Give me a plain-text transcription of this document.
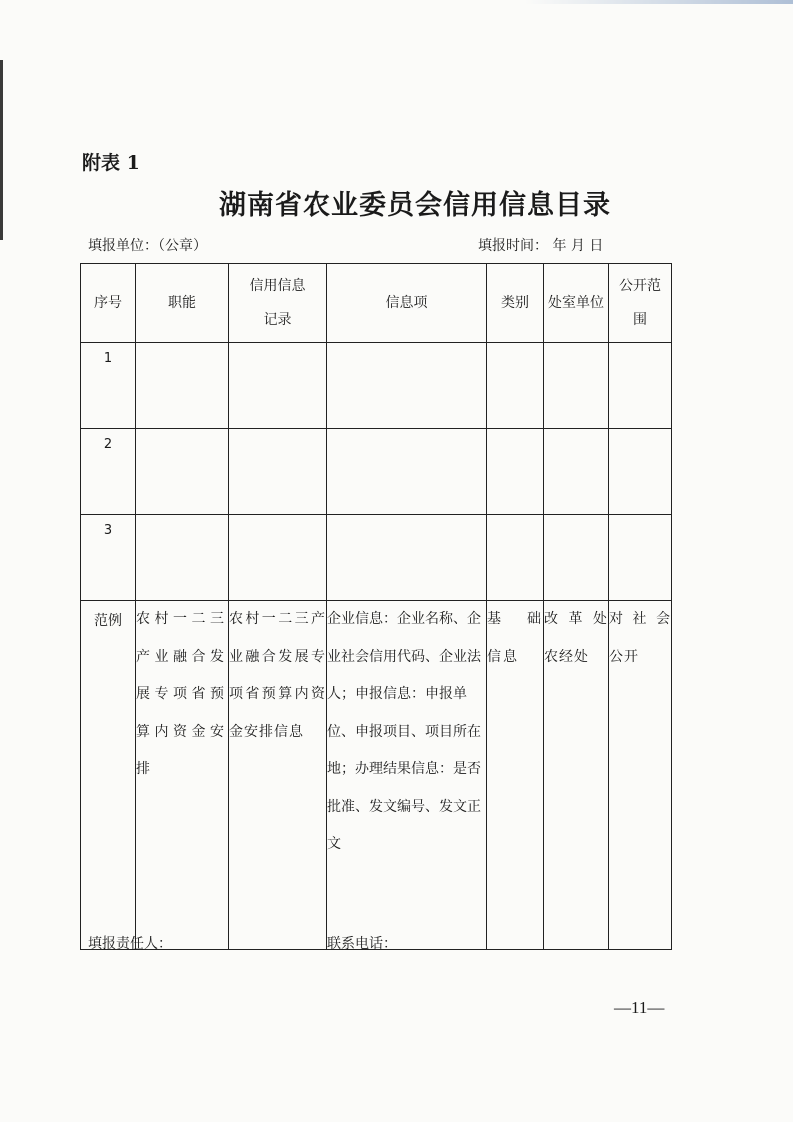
附表 1
湖南省农业委员会信用信息目录
填报单位：（公章）	填报时间： 年 月 日
序号	职能	信用信息记录	信息项	类别	处室单位	公开范围

1						
2						
3						
范例	农村一二三产业融合发展专项省预算内资金安排	农村一二三产业融合发展专项省预算内资金安排信息	企业信息：企业名称、企业社会信用代码、企业法人；申报信息：申报单位、申报项目、项目所在地；办理结果信息：是否批准、发文编号、发文正文	基 础 信息	改革处 农经处	对社会 公开
填报责任人：	联系电话：
—11—
